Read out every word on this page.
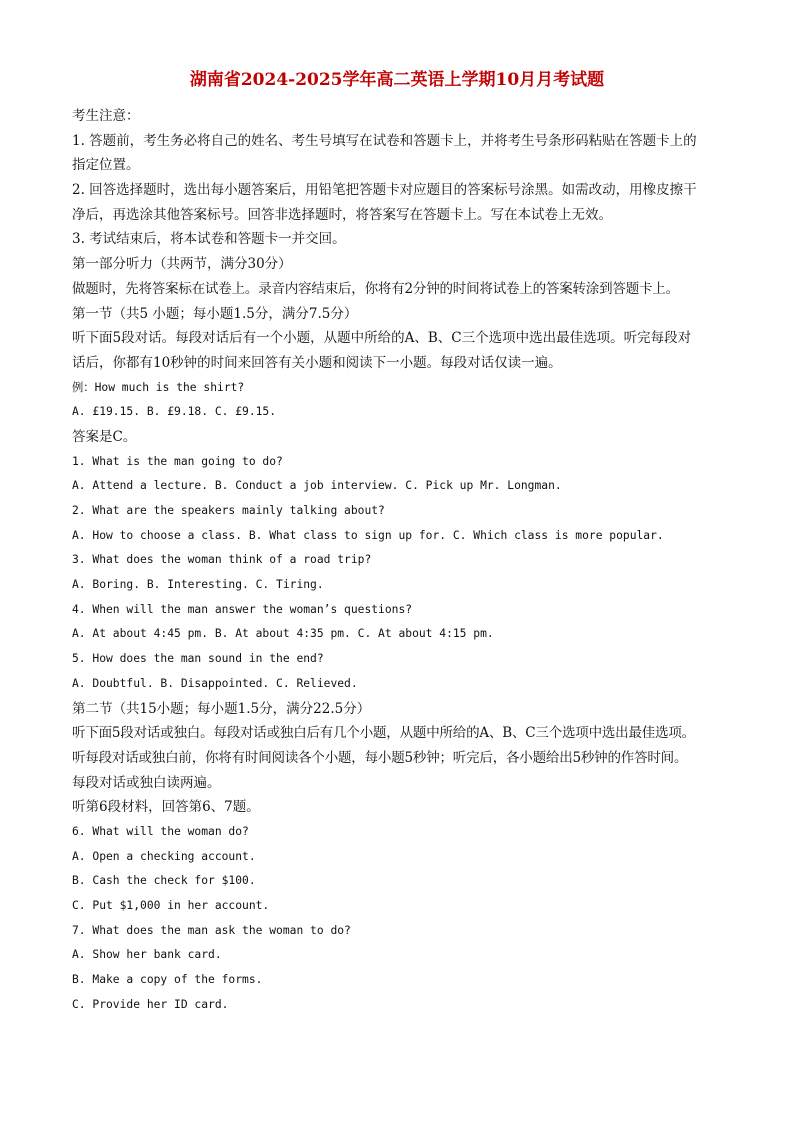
湖南省2024-2025学年高二英语上学期10月月考试题
考生注意：
1. 答题前，考生务必将自己的姓名、考生号填写在试卷和答题卡上，并将考生号条形码粘贴在答题卡上的
指定位置。
2. 回答选择题时，选出每小题答案后，用铅笔把答题卡对应题目的答案标号涂黑。如需改动，用橡皮擦干
净后，再选涂其他答案标号。回答非选择题时，将答案写在答题卡上。写在本试卷上无效。
3. 考试结束后，将本试卷和答题卡一并交回。
第一部分听力（共两节，满分30分）
做题时，先将答案标在试卷上。录音内容结束后，你将有2分钟的时间将试卷上的答案转涂到答题卡上。
第一节（共5 小题；每小题1.5分，满分7.5分）
听下面5段对话。每段对话后有一个小题，从题中所给的A、B、C三个选项中选出最佳选项。听完每段对
话后，你都有10秒钟的时间来回答有关小题和阅读下一小题。每段对话仅读一遍。
例：How much is the shirt?
A. £19.15. B. £9.18. C. £9.15.
答案是C。
1. What is the man going to do?
A. Attend a lecture. B. Conduct a job interview. C. Pick up Mr. Longman.
2. What are the speakers mainly talking about?
A. How to choose a class. B. What class to sign up for. C. Which class is more popular.
3. What does the woman think of a road trip?
A. Boring. B. Interesting. C. Tiring.
4. When will the man answer the woman’s questions?
A. At about 4:45 pm. B. At about 4:35 pm. C. At about 4:15 pm.
5. How does the man sound in the end?
A. Doubtful. B. Disappointed. C. Relieved.
第二节（共15小题；每小题1.5分，满分22.5分）
听下面5段对话或独白。每段对话或独白后有几个小题，从题中所给的A、B、C三个选项中选出最佳选项。
听每段对话或独白前，你将有时间阅读各个小题，每小题5秒钟；听完后，各小题给出5秒钟的作答时间。
每段对话或独白读两遍。
听第6段材料，回答第6、7题。
6. What will the woman do?
A. Open a checking account.
B. Cash the check for $100.
C. Put $1,000 in her account.
7. What does the man ask the woman to do?
A. Show her bank card.
B. Make a copy of the forms.
C. Provide her ID card.
